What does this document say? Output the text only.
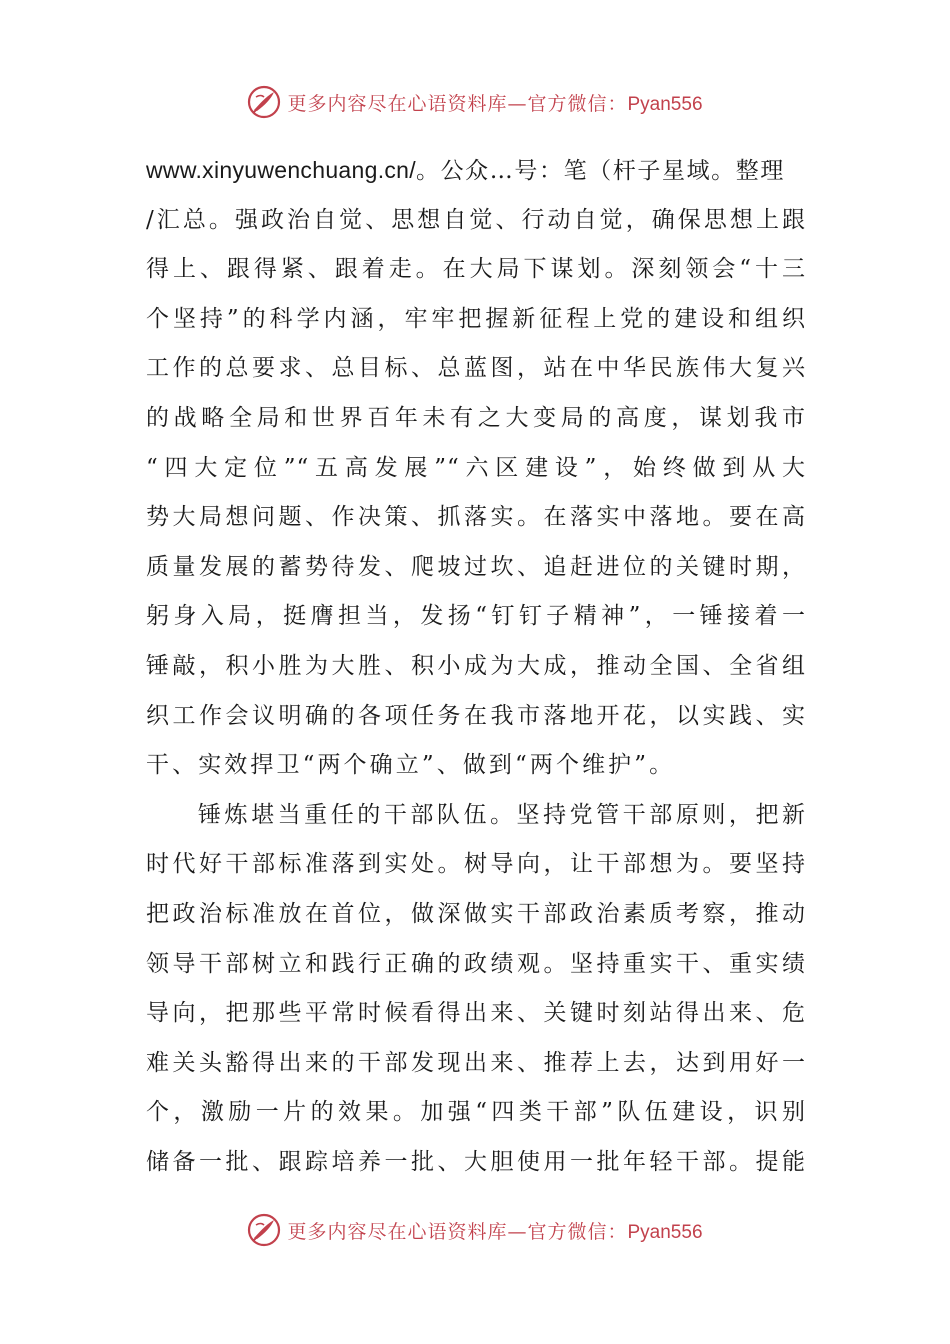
更多内容尽在心语资料库—官方微信：Pyan556
www.xinyuwenchuang.cn/。公众…号：笔（杆子星域。整理
/汇总。强政治自觉、思想自觉、行动自觉，确保思想上跟
得上、跟得紧、跟着走。在大局下谋划。深刻领会“十三
个坚持”的科学内涵，牢牢把握新征程上党的建设和组织
工作的总要求、总目标、总蓝图，站在中华民族伟大复兴
的战略全局和世界百年未有之大变局的高度，谋划我市
“四大定位”“五高发展”“六区建设”，始终做到从大
势大局想问题、作决策、抓落实。在落实中落地。要在高
质量发展的蓄势待发、爬坡过坎、追赶进位的关键时期，
躬身入局，挺膺担当，发扬“钉钉子精神”，一锤接着一
锤敲，积小胜为大胜、积小成为大成，推动全国、全省组
织工作会议明确的各项任务在我市落地开花，以实践、实
干、实效捍卫“两个确立”、做到“两个维护”。
锤炼堪当重任的干部队伍。坚持党管干部原则，把新
时代好干部标准落到实处。树导向，让干部想为。要坚持
把政治标准放在首位，做深做实干部政治素质考察，推动
领导干部树立和践行正确的政绩观。坚持重实干、重实绩
导向，把那些平常时候看得出来、关键时刻站得出来、危
难关头豁得出来的干部发现出来、推荐上去，达到用好一
个，激励一片的效果。加强“四类干部”队伍建设，识别
储备一批、跟踪培养一批、大胆使用一批年轻干部。提能
更多内容尽在心语资料库—官方微信：Pyan556
